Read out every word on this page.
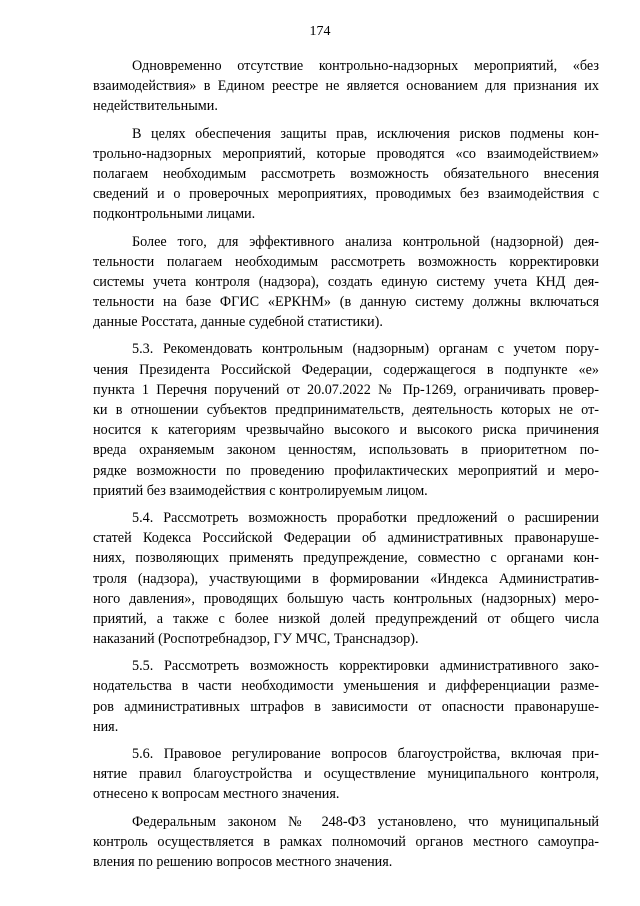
174
Одновременно отсутствие контрольно-надзорных мероприятий, «без
взаимодействия» в Едином реестре не является основанием для признания их
недействительными.
В целях обеспечения защиты прав, исключения рисков подмены кон-
трольно-надзорных мероприятий, которые проводятся «со взаимодействием»
полагаем необходимым рассмотреть возможность обязательного внесения
сведений и о проверочных мероприятиях, проводимых без взаимодействия с
подконтрольными лицами.
Более того, для эффективного анализа контрольной (надзорной) дея-
тельности полагаем необходимым рассмотреть возможность корректировки
системы учета контроля (надзора), создать единую систему учета КНД дея-
тельности на базе ФГИС «ЕРКНМ» (в данную систему должны включаться
данные Росстата, данные судебной статистики).
5.3. Рекомендовать контрольным (надзорным) органам с учетом пору-
чения Президента Российской Федерации, содержащегося в подпункте «е»
пункта 1 Перечня поручений от 20.07.2022 № Пр-1269, ограничивать провер-
ки в отношении субъектов предпринимательств, деятельность которых не от-
носится к категориям чрезвычайно высокого и высокого риска причинения
вреда охраняемым законом ценностям, использовать в приоритетном по-
рядке возможности по проведению профилактических мероприятий и меро-
приятий без взаимодействия с контролируемым лицом.
5.4. Рассмотреть возможность проработки предложений о расширении
статей Кодекса Российской Федерации об административных правонаруше-
ниях, позволяющих применять предупреждение, совместно с органами кон-
троля (надзора), участвующими в формировании «Индекса Административ-
ного давления», проводящих большую часть контрольных (надзорных) меро-
приятий, а также с более низкой долей предупреждений от общего числа
наказаний (Роспотребнадзор, ГУ МЧС, Транснадзор).
5.5. Рассмотреть возможность корректировки административного зако-
нодательства в части необходимости уменьшения и дифференциации разме-
ров административных штрафов в зависимости от опасности правонаруше-
ния.
5.6. Правовое регулирование вопросов благоустройства, включая при-
нятие правил благоустройства и осуществление муниципального контроля,
отнесено к вопросам местного значения.
Федеральным законом № 248-ФЗ установлено, что муниципальный
контроль осуществляется в рамках полномочий органов местного самоупра-
вления по решению вопросов местного значения.
